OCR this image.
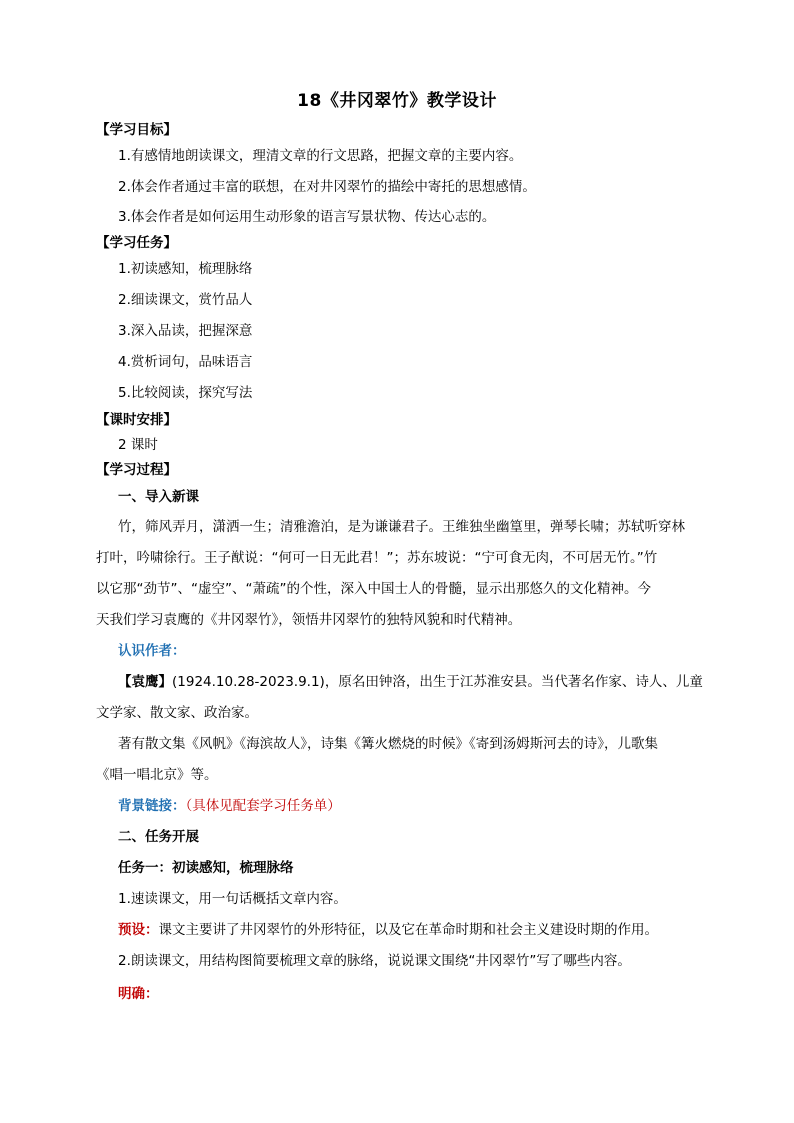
18《井冈翠竹》教学设计
【学习目标】
1.有感情地朗读课文，理清文章的行文思路，把握文章的主要内容。
2.体会作者通过丰富的联想，在对井冈翠竹的描绘中寄托的思想感情。
3.体会作者是如何运用生动形象的语言写景状物、传达心志的。
【学习任务】
1.初读感知，梳理脉络
2.细读课文，赏竹品人
3.深入品读，把握深意
4.赏析词句，品味语言
5.比较阅读，探究写法
【课时安排】
2 课时
【学习过程】
一、导入新课
竹，筛风弄月，潇洒一生；清雅澹泊，是为谦谦君子。王维独坐幽篁里，弹琴长啸；苏轼听穿林
打叶，吟啸徐行。王子猷说：“何可一日无此君！”；苏东坡说：“宁可食无肉，不可居无竹。”竹
以它那“劲节”、“虚空”、“萧疏”的个性，深入中国士人的骨髓，显示出那悠久的文化精神。今
天我们学习袁鹰的《井冈翠竹》，领悟井冈翠竹的独特风貌和时代精神。
认识作者：
【袁鹰】(1924.10.28-2023.9.1)，原名田钟洛，出生于江苏淮安县。当代著名作家、诗人、儿童
文学家、散文家、政治家。
著有散文集《风帆》《海滨故人》，诗集《篝火燃烧的时候》《寄到汤姆斯河去的诗》，儿歌集
《唱一唱北京》等。
背景链接：（具体见配套学习任务单）
二、任务开展
任务一：初读感知，梳理脉络
1.速读课文，用一句话概括文章内容。
预设：课文主要讲了井冈翠竹的外形特征，以及它在革命时期和社会主义建设时期的作用。
2.朗读课文，用结构图简要梳理文章的脉络，说说课文围绕“井冈翠竹”写了哪些内容。
明确：
